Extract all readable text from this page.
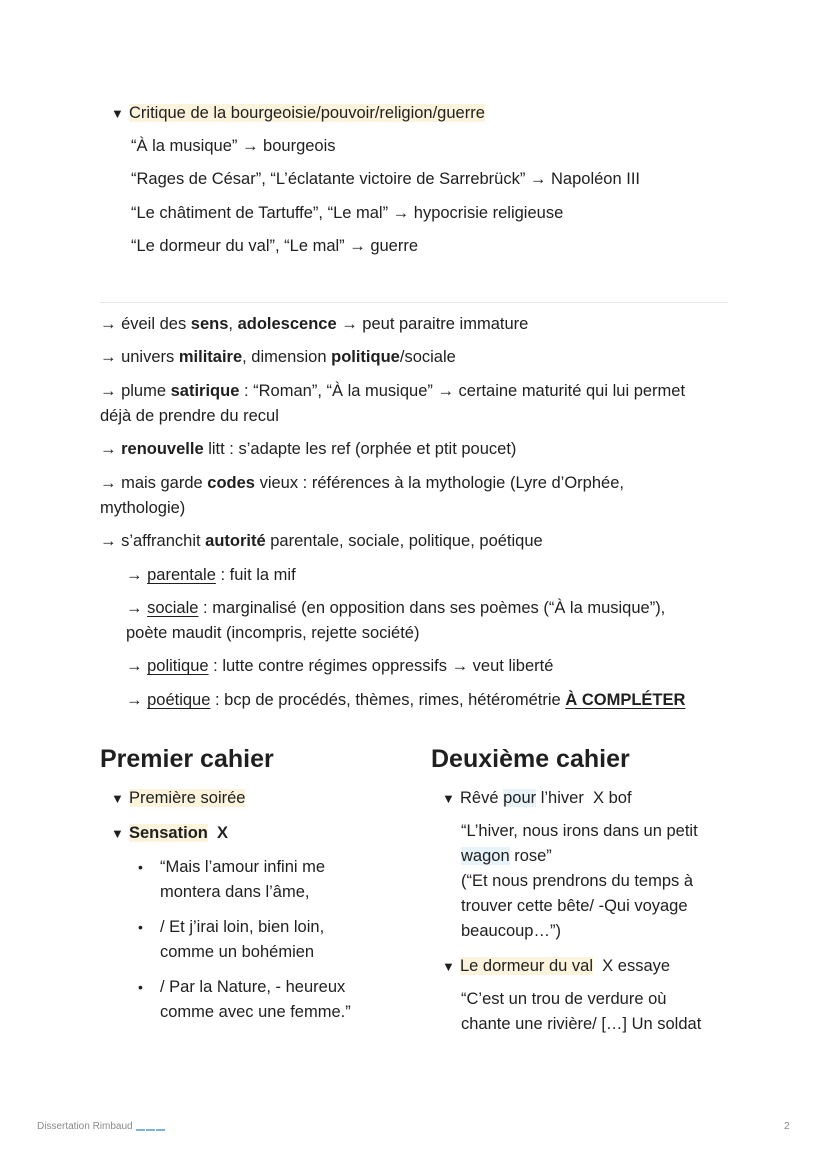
▼ Critique de la bourgeoisie/pouvoir/religion/guerre
“À la musique” → bourgeois
“Rages de César”, “L’éclatante victoire de Sarrebrück” → Napoléon III
“Le châtiment de Tartuffe”, “Le mal” → hypocrisie religieuse
“Le dormeur du val”, “Le mal” → guerre
→ éveil des sens, adolescence → peut paraitre immature
→ univers militaire, dimension politique/sociale
→ plume satirique : “Roman”, “À la musique” → certaine maturité qui lui permet
déjà de prendre du recul
→ renouvelle litt : s’adapte les ref (orphée et ptit poucet)
→ mais garde codes vieux : références à la mythologie (Lyre d’Orphée,
mythologie)
→ s’affranchit autorité parentale, sociale, politique, poétique
→ parentale : fuit la mif
→ sociale : marginalisé (en opposition dans ses poèmes (“À la musique”),
poète maudit (incompris, rejette société)
→ politique : lutte contre régimes oppressifs → veut liberté
→ poétique : bcp de procédés, thèmes, rimes, hétérométrie À COMPLÉTER
Premier cahier
▼ Première soirée
▼ Sensation X
• “Mais l’amour infini me
montera dans l’âme,
• / Et j’irai loin, bien loin,
comme un bohémien
• / Par la Nature, - heureux
comme avec une femme.”
Deuxième cahier
▼ Rêvé pour l’hiver X bof
“L’hiver, nous irons dans un petit
wagon rose”
(“Et nous prendrons du temps à
trouver cette bête/ -Qui voyage
beaucoup…”)
▼ Le dormeur du val X essaye
“C’est un trou de verdure où
chante une rivière/ […] Un soldat
Dissertation Rimbaud	2
